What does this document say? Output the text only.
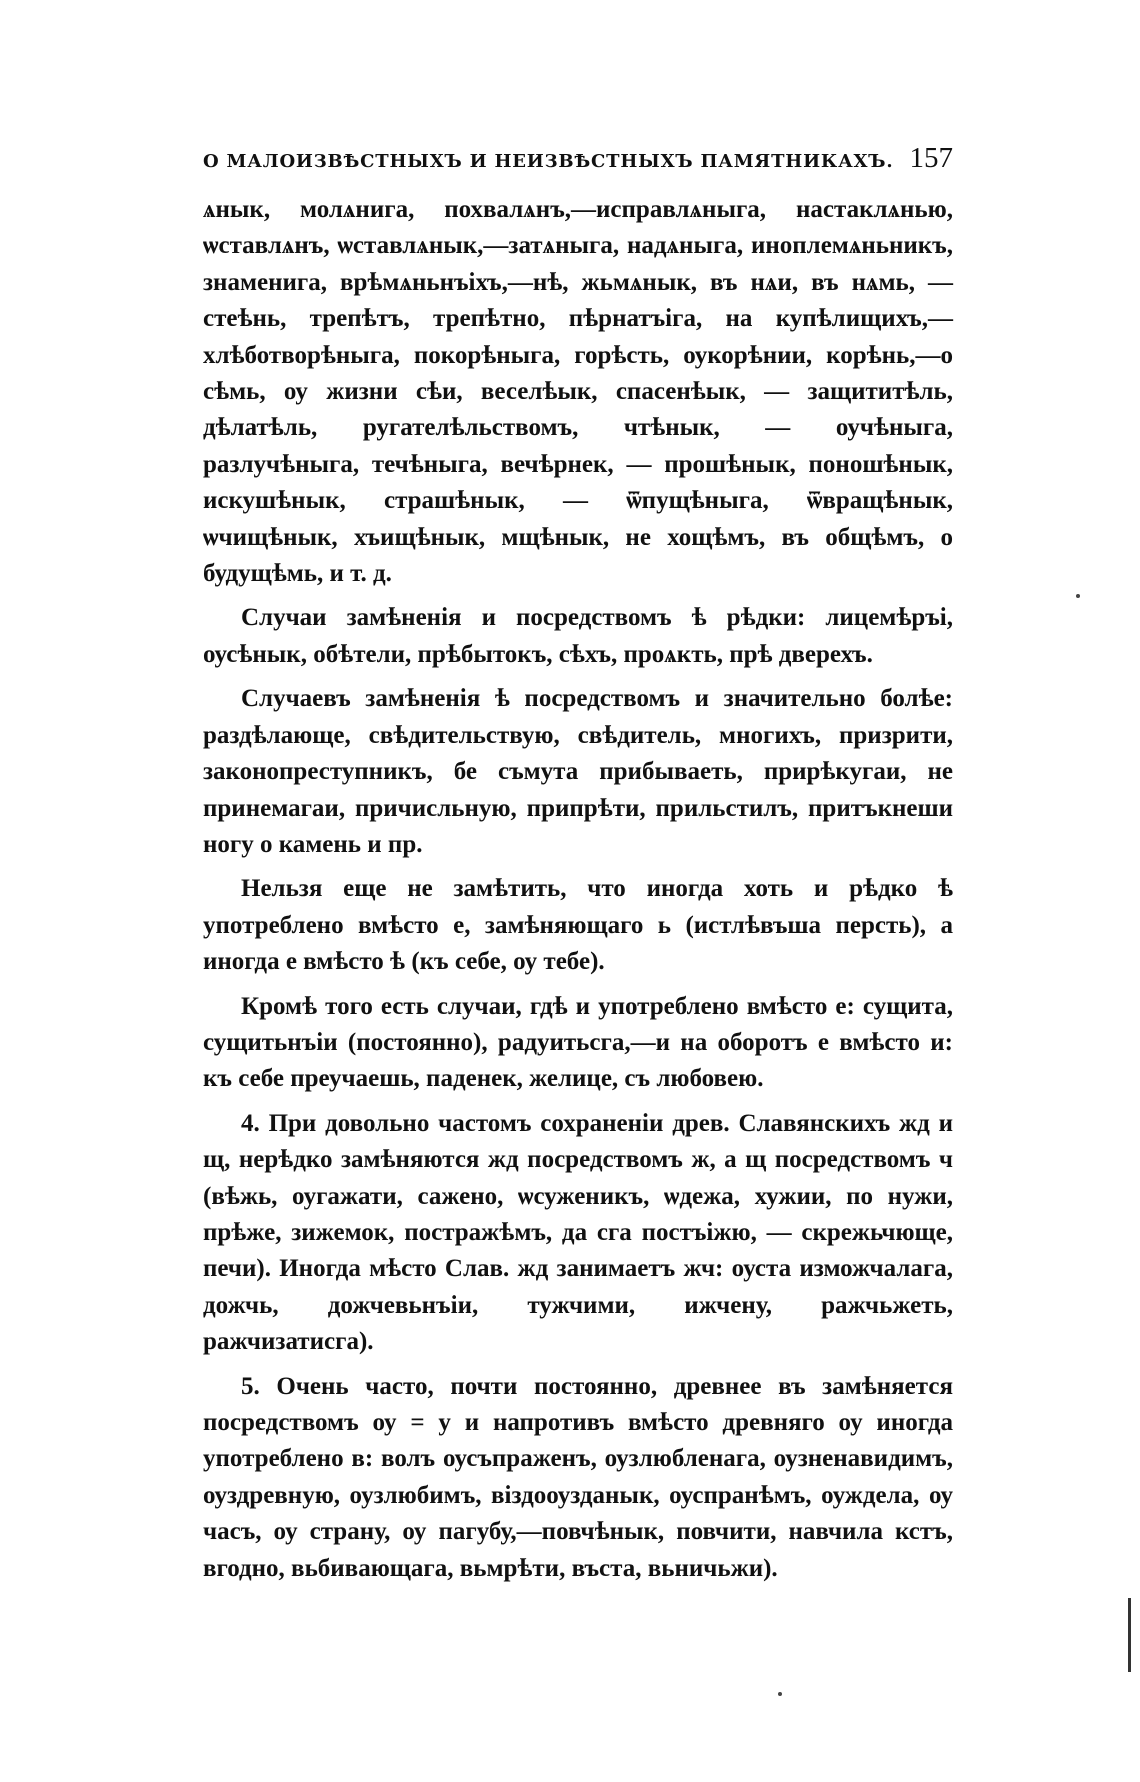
О МАЛОИЗВѢСТНЫХЪ И НЕИЗВѢСТНЫХЪ ПАМЯТНИКАХЪ. 157

ѧнык, молѧнига, похвалѧнъ,—исправлѧныга, настаклѧнью, ѡставлѧнъ, ѡставлѧнык,—затѧныга, надѧныга, иноплемѧньникъ, знаменига, врѣмѧньнъіхъ,—нѣ, жьмѧнык, въ нѧи, въ нѧмь, — стеѣнь, трепѣтъ, трепѣтно, пѣрнатъіга, на купѣлищихъ,—хлѣботворѣныга, покорѣныга, горѣсть, оукорѣнии, корѣнь,—о сѣмь, оу жизни сѣи, веселѣык, спасенѣык, — защититѣль, дѣлатѣль, ругателѣльствомъ, чтѣнык, — оучѣныга, разлучѣныга, течѣныга, вечѣрнек, — прошѣнык, поношѣнык, искушѣнык, страшѣнык, — ѿпущѣныга, ѿвращѣнык, ѡчищѣнык, хъищѣнык, мщѣнык, не хощѣмъ, въ общѣмъ, о будущѣмь, и т. д.

Случаи замѣненія и посредствомъ ѣ рѣдки: лицемѣръі, оусѣнык, обѣтели, прѣбытокъ, сѣхъ, проѧкть, прѣ дверехъ.

Случаевъ замѣненія ѣ посредствомъ и значительно болѣе: раздѣлающе, свѣдительствую, свѣдитель, многихъ, призрити, законопреступникъ, бе съмута прибываеть, прирѣкугаи, не принемагаи, причисльную, припрѣти, прильстилъ, притъкнеши ногу о камень и пр.

Нельзя еще не замѣтить, что иногда хоть и рѣдко ѣ употреблено вмѣсто е, замѣняющаго ь (истлѣвъша персть), а иногда е вмѣсто ѣ (къ себе, оу тебе).

Кромѣ того есть случаи, гдѣ и употреблено вмѣсто е: сущита, сущитьнъіи (постоянно), радуитьсга,—и на оборотъ е вмѣсто и: къ себе преучаешь, паденек, желице, съ любовею.

4. При довольно частомъ сохраненіи древ. Славянскихъ жд и щ, нерѣдко замѣняются жд посредствомъ ж, а щ посредствомъ ч (вѣжь, оугажати, сажено, ѡсуженикъ, ѡдежа, хужии, по нужи, прѣже, зижемок, постражѣмъ, да сга постъіжю, — скрежьчюще, печи). Иногда мѣсто Слав. жд занимаетъ жч: оуста изможчалага, дожчь, дожчевьнъіи, тужчими, ижчену, ражчьжеть, ражчизатисга).

5. Очень часто, почти постоянно, древнее въ замѣняется посредствомъ оу = у и напротивъ вмѣсто древняго оу иногда употреблено в: волъ оусъпраженъ, оузлюбленага, оузненавидимъ, оуздревную, оузлюбимъ, віздооузданык, оуспранѣмъ, оуждела, оу часъ, оу страну, оу пагубу,—повчѣнык, повчити, навчила кстъ, вгодно, вьбивающага, вьмрѣти, въста, вьничьжи).
